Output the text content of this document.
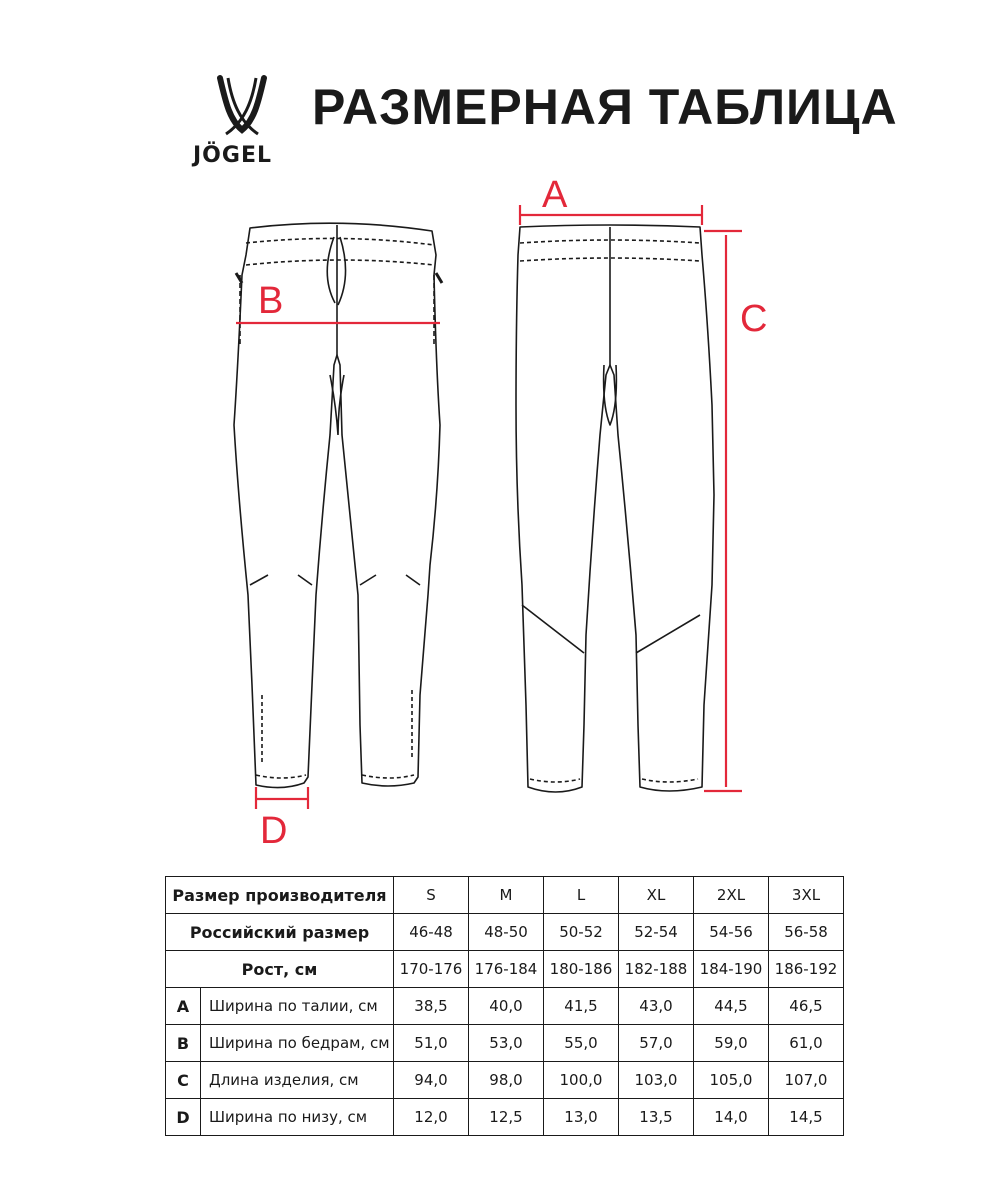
JÖGEL
РАЗМЕРНАЯ ТАБЛИЦА
A
B	C
D
Размер производителя		S	M	L	XL	2XL	3XL
Российский размер		46-48	48-50	50-52	52-54	54-56	56-58
Рост, см		170-176	176-184	180-186	182-188	184-190	186-192
A	Ширина по талии, см	38,5	40,0	41,5	43,0	44,5	46,5
B	Ширина по бедрам, см	51,0	53,0	55,0	57,0	59,0	61,0
C	Длина изделия, см	94,0	98,0	100,0	103,0	105,0	107,0
D	Ширина по низу, см	12,0	12,5	13,0	13,5	14,0	14,5
